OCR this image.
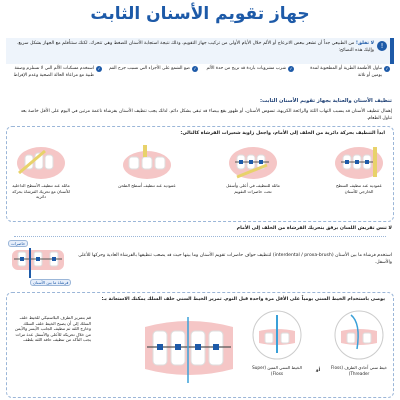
جهاز تقويم الأسنان الثابت
!
لا تقلق! من الطبيعي جداً أن تشعر ببعض الانزعاج أو الألم خلال الأيام الأولى من تركيب جهاز التقويم، وذلك نتيجة استجابة الأسنان للضغط وهي تتحرك. لكنك ستتأقلم مع الجهاز بشكل سريع. وإليك هذه النصائح:
✓
تناول الأطعمة الطرية أو المطحونة لمدة يومين أو ثلاثة
✓
شرب مشروبات باردة قد تريح من حدة الألم
✓
ضع الشمع على الأجزاء التي تسبب جرح الفم
✓
استخدم مسكنات الألم التي لا تستلزم وصفة طبية مع مراعاة الحالة الصحية وعدم الإفراط
تنظيف الأسنان والعناية بجهاز تقويم الأسنان الثابت:
إهمال تنظيف الأسنان قد يسبب التهاب اللثة والرائحة الكريهة، تسوس الأسنان، أو ظهور بقع بيضاء قد تبقى بشكل دائم. لذلك يجب تنظيف الأسنان بفرشاة ناعمة مرتين في اليوم على الأقل خاصة بعد تناول الطعام.
ابدأ التنظيف بحركة دائرية من الخلف إلى الأمام، واجعل زاوية شعيرات الفرشاة كالتالي:
مائلة عند تنظيف الأسطح الداخلية للأسنان مع تحريك الفرشاة بحركة دائرية
عمودية عند تنظيف أسطح الطحن	مائلة للتنظيف في أعلى وأسفل تحت حاصرات التقويم
عمودية عند تنظيف السطح الخارجي للأسنان
لا تنس تفريش اللسان برفق بتحريك الفرشاة من الخلف إلى الأمام
حاصرات
فرشاة ما بين الأسنان
استخدم فرشاة ما بين الأسنان (interdental / proxa-brush) لتنظيف حواف حاصرات تقويم الأسنان وما بينها حيث قد يصعب تنظيفها بالفرشاة العادية وحركها للأعلى والأسفل.
يوصى باستخدام الخيط السني يومياً على الأقل مرة واحدة قبل النوم. تمرير الخيط السني خلف السلك يمكنك الاستعانة بـ:
خيط سني أحادي الطرف (Floss Threader)
أو
الخيط السني المتين (Super Floss)
قم بتمرير الطرف البلاستيكي للخيط خلف السلك إلى أن يصبح الخيط خلف السلك وخارج اللثة ثم تنظيف الجانب الأيسر والأيمن من خلال تحريكه للأعلى والأسفل عدة مرات يجب التأكد من تنظيف حافة اللثة بلطف
